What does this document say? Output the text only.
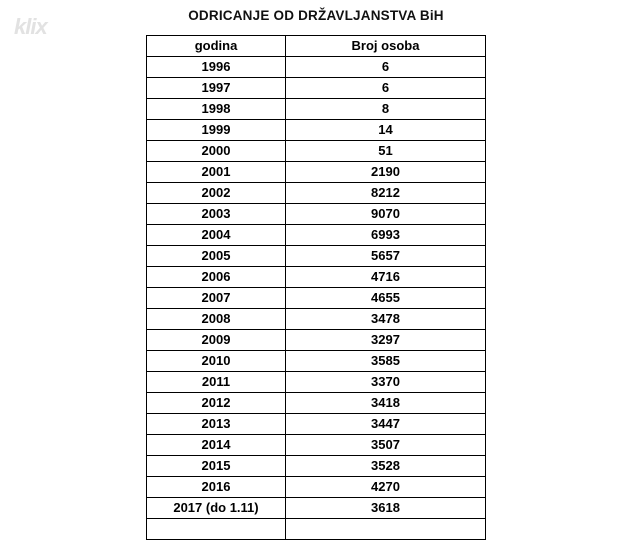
klix	ODRICANJE OD DRŽAVLJANSTVA BiH
godina	Broj osoba
1996	6
1997	6
1998	8
1999	14
2000	51
2001	2190
2002	8212
2003	9070
2004	6993
2005	5657
2006	4716
2007	4655
2008	3478
2009	3297
2010	3585
2011	3370
2012	3418
2013	3447
2014	3507
2015	3528
2016	4270
2017 (do 1.11)	3618
